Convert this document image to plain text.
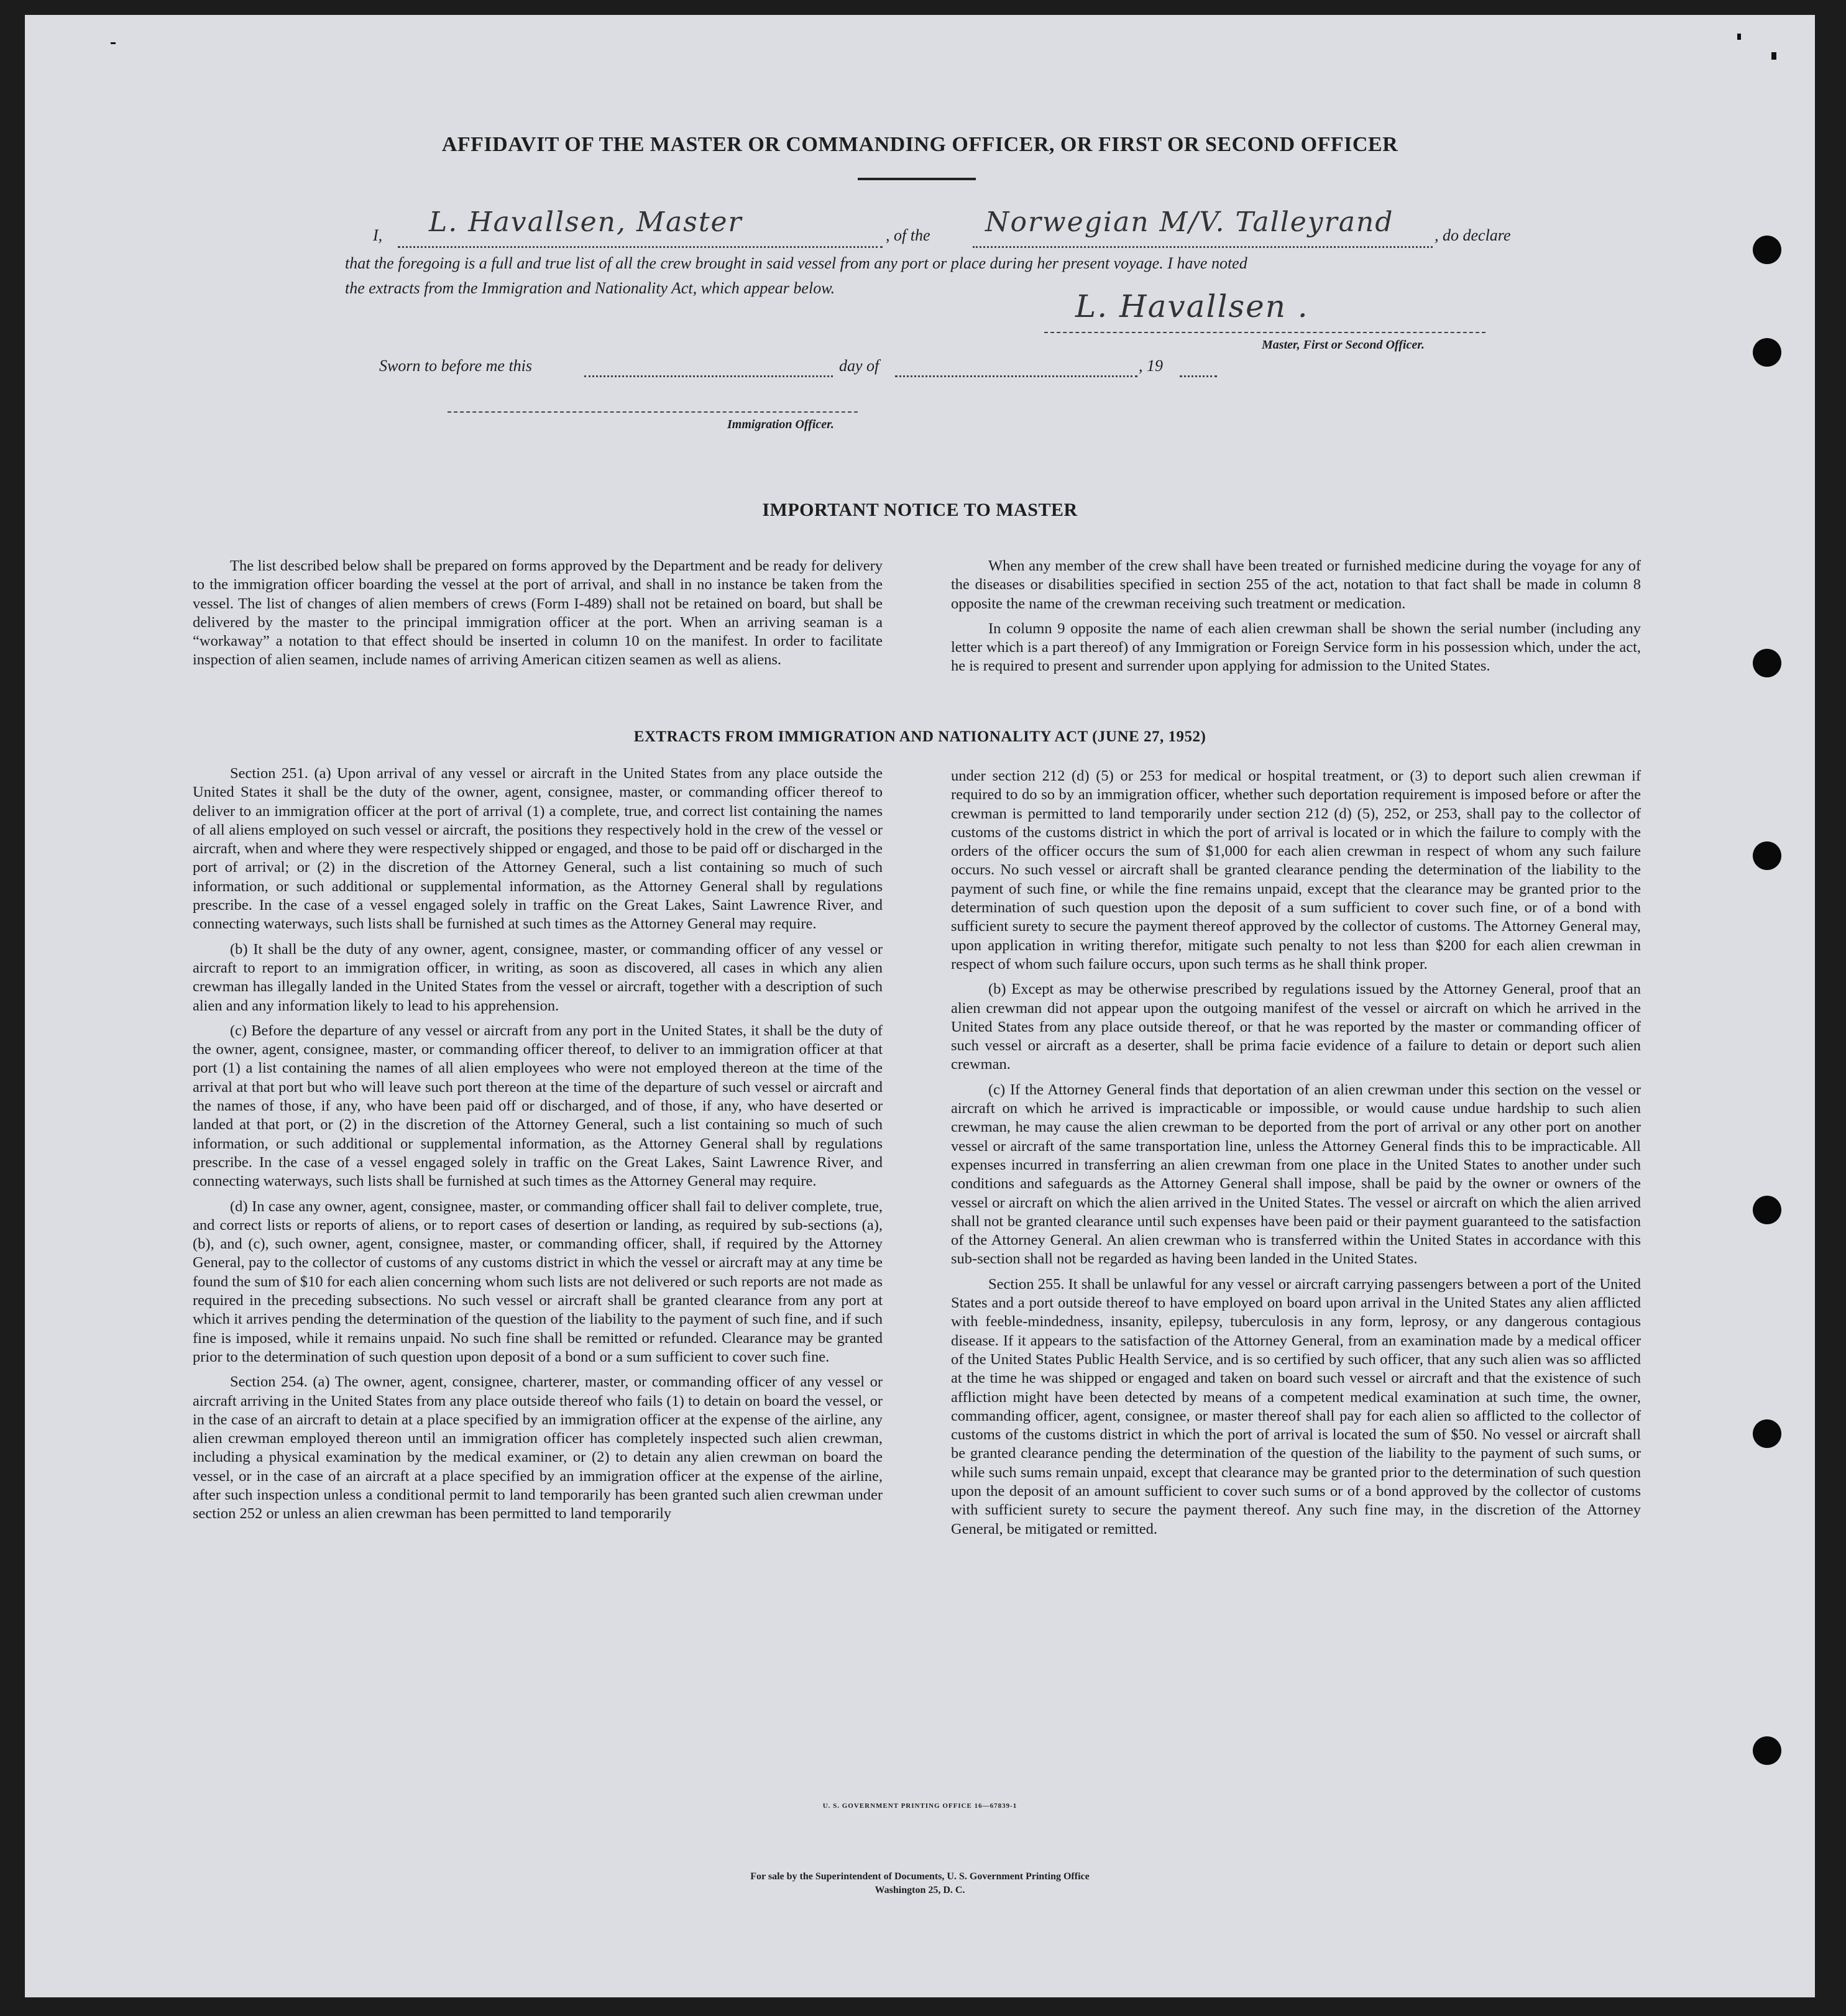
AFFIDAVIT OF THE MASTER OR COMMANDING OFFICER, OR FIRST OR SECOND OFFICER
I, L. Havallsen, Master	, of the Norwegian M/V. Talleyrand	, do declare
that the foregoing is a full and true list of all the crew brought in said vessel from any port or place during her present voyage. I have noted
the extracts from the Immigration and Nationality Act, which appear below.
L. Havallsen .
Master, First or Second Officer.
Sworn to before me this	day of	, 19
Immigration Officer.
IMPORTANT NOTICE TO MASTER

The list described below shall be prepared on forms approved by the Department and be ready for delivery to the immigration officer boarding the vessel at the port of arrival, and shall in no instance be taken from the vessel. The list of changes of alien members of crews (Form I-489) shall not be retained on board, but shall be delivered by the master to the principal immigration officer at the port. When an arriving seaman is a “workaway” a notation to that effect should be inserted in column 10 on the manifest. In order to facilitate inspection of alien seamen, include names of arriving American citizen seamen as well as aliens.

When any member of the crew shall have been treated or furnished medicine during the voyage for any of the diseases or disabilities specified in section 255 of the act, notation to that fact shall be made in column 8 opposite the name of the crewman receiving such treatment or medication.

In column 9 opposite the name of each alien crewman shall be shown the serial number (including any letter which is a part thereof) of any Immigration or Foreign Service form in his possession which, under the act, he is required to present and surrender upon applying for admission to the United States.

EXTRACTS FROM IMMIGRATION AND NATIONALITY ACT (JUNE 27, 1952)

Section 251. (a) Upon arrival of any vessel or aircraft in the United States from any place outside the United States it shall be the duty of the owner, agent, consignee, master, or commanding officer thereof to deliver to an immigration officer at the port of arrival (1) a complete, true, and correct list containing the names of all aliens employed on such vessel or aircraft, the positions they respectively hold in the crew of the vessel or aircraft, when and where they were respectively shipped or engaged, and those to be paid off or discharged in the port of arrival; or (2) in the discretion of the Attorney General, such a list containing so much of such information, or such additional or supplemental information, as the Attorney General shall by regulations prescribe. In the case of a vessel engaged solely in traffic on the Great Lakes, Saint Lawrence River, and connecting waterways, such lists shall be furnished at such times as the Attorney General may require.

(b) It shall be the duty of any owner, agent, consignee, master, or commanding officer of any vessel or aircraft to report to an immigration officer, in writing, as soon as discovered, all cases in which any alien crewman has illegally landed in the United States from the vessel or aircraft, together with a description of such alien and any information likely to lead to his apprehension.

(c) Before the departure of any vessel or aircraft from any port in the United States, it shall be the duty of the owner, agent, consignee, master, or commanding officer thereof, to deliver to an immigration officer at that port (1) a list containing the names of all alien employees who were not employed thereon at the time of the arrival at that port but who will leave such port thereon at the time of the departure of such vessel or aircraft and the names of those, if any, who have been paid off or discharged, and of those, if any, who have deserted or landed at that port, or (2) in the discretion of the Attorney General, such a list containing so much of such information, or such additional or supplemental information, as the Attorney General shall by regulations prescribe. In the case of a vessel engaged solely in traffic on the Great Lakes, Saint Lawrence River, and connecting waterways, such lists shall be furnished at such times as the Attorney General may require.

(d) In case any owner, agent, consignee, master, or commanding officer shall fail to deliver complete, true, and correct lists or reports of aliens, or to report cases of desertion or landing, as required by sub-sections (a), (b), and (c), such owner, agent, consignee, master, or commanding officer, shall, if required by the Attorney General, pay to the collector of customs of any customs district in which the vessel or aircraft may at any time be found the sum of $10 for each alien concerning whom such lists are not delivered or such reports are not made as required in the preceding subsections. No such vessel or aircraft shall be granted clearance from any port at which it arrives pending the determination of the question of the liability to the payment of such fine, and if such fine is imposed, while it remains unpaid. No such fine shall be remitted or refunded. Clearance may be granted prior to the determination of such question upon deposit of a bond or a sum sufficient to cover such fine.

Section 254. (a) The owner, agent, consignee, charterer, master, or commanding officer of any vessel or aircraft arriving in the United States from any place outside thereof who fails (1) to detain on board the vessel, or in the case of an aircraft to detain at a place specified by an immigration officer at the expense of the airline, any alien crewman employed thereon until an immigration officer has completely inspected such alien crewman, including a physical examination by the medical examiner, or (2) to detain any alien crewman on board the vessel, or in the case of an aircraft at a place specified by an immigration officer at the expense of the airline, after such inspection unless a conditional permit to land temporarily has been granted such alien crewman under section 252 or unless an alien crewman has been permitted to land temporarily

under section 212 (d) (5) or 253 for medical or hospital treatment, or (3) to deport such alien crewman if required to do so by an immigration officer, whether such deportation requirement is imposed before or after the crewman is permitted to land temporarily under section 212 (d) (5), 252, or 253, shall pay to the collector of customs of the customs district in which the port of arrival is located or in which the failure to comply with the orders of the officer occurs the sum of $1,000 for each alien crewman in respect of whom any such failure occurs. No such vessel or aircraft shall be granted clearance pending the determination of the liability to the payment of such fine, or while the fine remains unpaid, except that the clearance may be granted prior to the determination of such question upon the deposit of a sum sufficient to cover such fine, or of a bond with sufficient surety to secure the payment thereof approved by the collector of customs. The Attorney General may, upon application in writing therefor, mitigate such penalty to not less than $200 for each alien crewman in respect of whom such failure occurs, upon such terms as he shall think proper.

(b) Except as may be otherwise prescribed by regulations issued by the Attorney General, proof that an alien crewman did not appear upon the outgoing manifest of the vessel or aircraft on which he arrived in the United States from any place outside thereof, or that he was reported by the master or commanding officer of such vessel or aircraft as a deserter, shall be prima facie evidence of a failure to detain or deport such alien crewman.

(c) If the Attorney General finds that deportation of an alien crewman under this section on the vessel or aircraft on which he arrived is impracticable or impossible, or would cause undue hardship to such alien crewman, he may cause the alien crewman to be deported from the port of arrival or any other port on another vessel or aircraft of the same transportation line, unless the Attorney General finds this to be impracticable. All expenses incurred in transferring an alien crewman from one place in the United States to another under such conditions and safeguards as the Attorney General shall impose, shall be paid by the owner or owners of the vessel or aircraft on which the alien arrived in the United States. The vessel or aircraft on which the alien arrived shall not be granted clearance until such expenses have been paid or their payment guaranteed to the satisfaction of the Attorney General. An alien crewman who is transferred within the United States in accordance with this sub-section shall not be regarded as having been landed in the United States.

Section 255. It shall be unlawful for any vessel or aircraft carrying passengers between a port of the United States and a port outside thereof to have employed on board upon arrival in the United States any alien afflicted with feeble-mindedness, insanity, epilepsy, tuberculosis in any form, leprosy, or any dangerous contagious disease. If it appears to the satisfaction of the Attorney General, from an examination made by a medical officer of the United States Public Health Service, and is so certified by such officer, that any such alien was so afflicted at the time he was shipped or engaged and taken on board such vessel or aircraft and that the existence of such affliction might have been detected by means of a competent medical examination at such time, the owner, commanding officer, agent, consignee, or master thereof shall pay for each alien so afflicted to the collector of customs of the customs district in which the port of arrival is located the sum of $50. No vessel or aircraft shall be granted clearance pending the determination of the question of the liability to the payment of such sums, or while such sums remain unpaid, except that clearance may be granted prior to the determination of such question upon the deposit of an amount sufficient to cover such sums or of a bond approved by the collector of customs with sufficient surety to secure the payment thereof. Any such fine may, in the discretion of the Attorney General, be mitigated or remitted.

U. S. GOVERNMENT PRINTING OFFICE 16—67839-1
For sale by the Superintendent of Documents, U. S. Government Printing Office
Washington 25, D. C.
